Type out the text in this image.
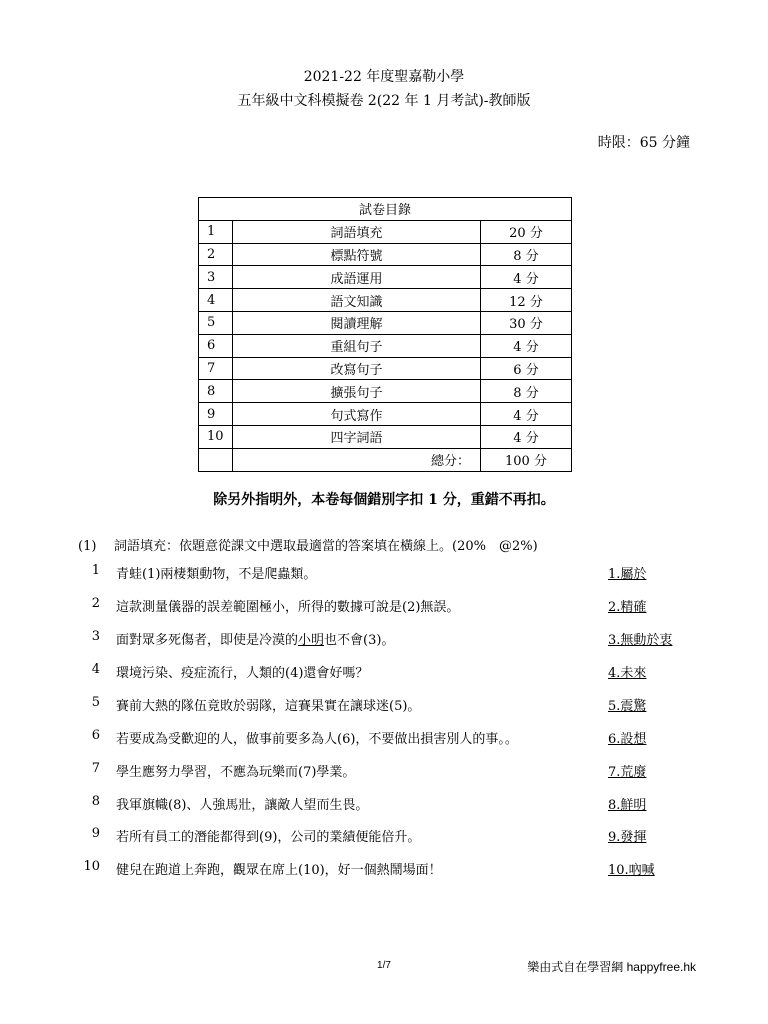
2021-22 年度聖嘉勒小學
五年級中文科模擬卷 2(22 年 1 月考試)-教師版
時限：65 分鐘
試卷目錄		
1	詞語填充	20 分
2	標點符號	8 分
3	成語運用	4 分
4	語文知識	12 分
5	閱讀理解	30 分
6	重組句子	4 分
7	改寫句子	6 分
8	擴張句子	8 分
9	句式寫作	4 分
10	四字詞語	4 分
	總分：	100 分
除另外指明外，本卷每個錯別字扣 1 分，重錯不再扣。
(1) 詞語填充：依題意從課文中選取最適當的答案填在橫線上。(20%　@2%)
1 青蛙(1)兩棲類動物，不是爬蟲類。	1.屬於
2 這款測量儀器的誤差範圍極小，所得的數據可說是(2)無誤。	2.精確
3 面對眾多死傷者，即使是冷漠的小明也不會(3)。	3.無動於衷
4 環境污染、疫症流行，人類的(4)還會好嗎？	4.未來
5 賽前大熱的隊伍竟敗於弱隊，這賽果實在讓球迷(5)。	5.震驚
6 若要成為受歡迎的人，做事前要多為人(6)，不要做出損害別人的事。。	6.設想
7 學生應努力學習，不應為玩樂而(7)學業。	7.荒廢
8 我軍旗幟(8)、人強馬壯，讓敵人望而生畏。	8.鮮明
9 若所有員工的潛能都得到(9)，公司的業績便能倍升。	9.發揮
10 健兒在跑道上奔跑，觀眾在席上(10)，好一個熱鬧場面！	10.吶喊
1/7	樂由式自在學習網 happyfree.hk
